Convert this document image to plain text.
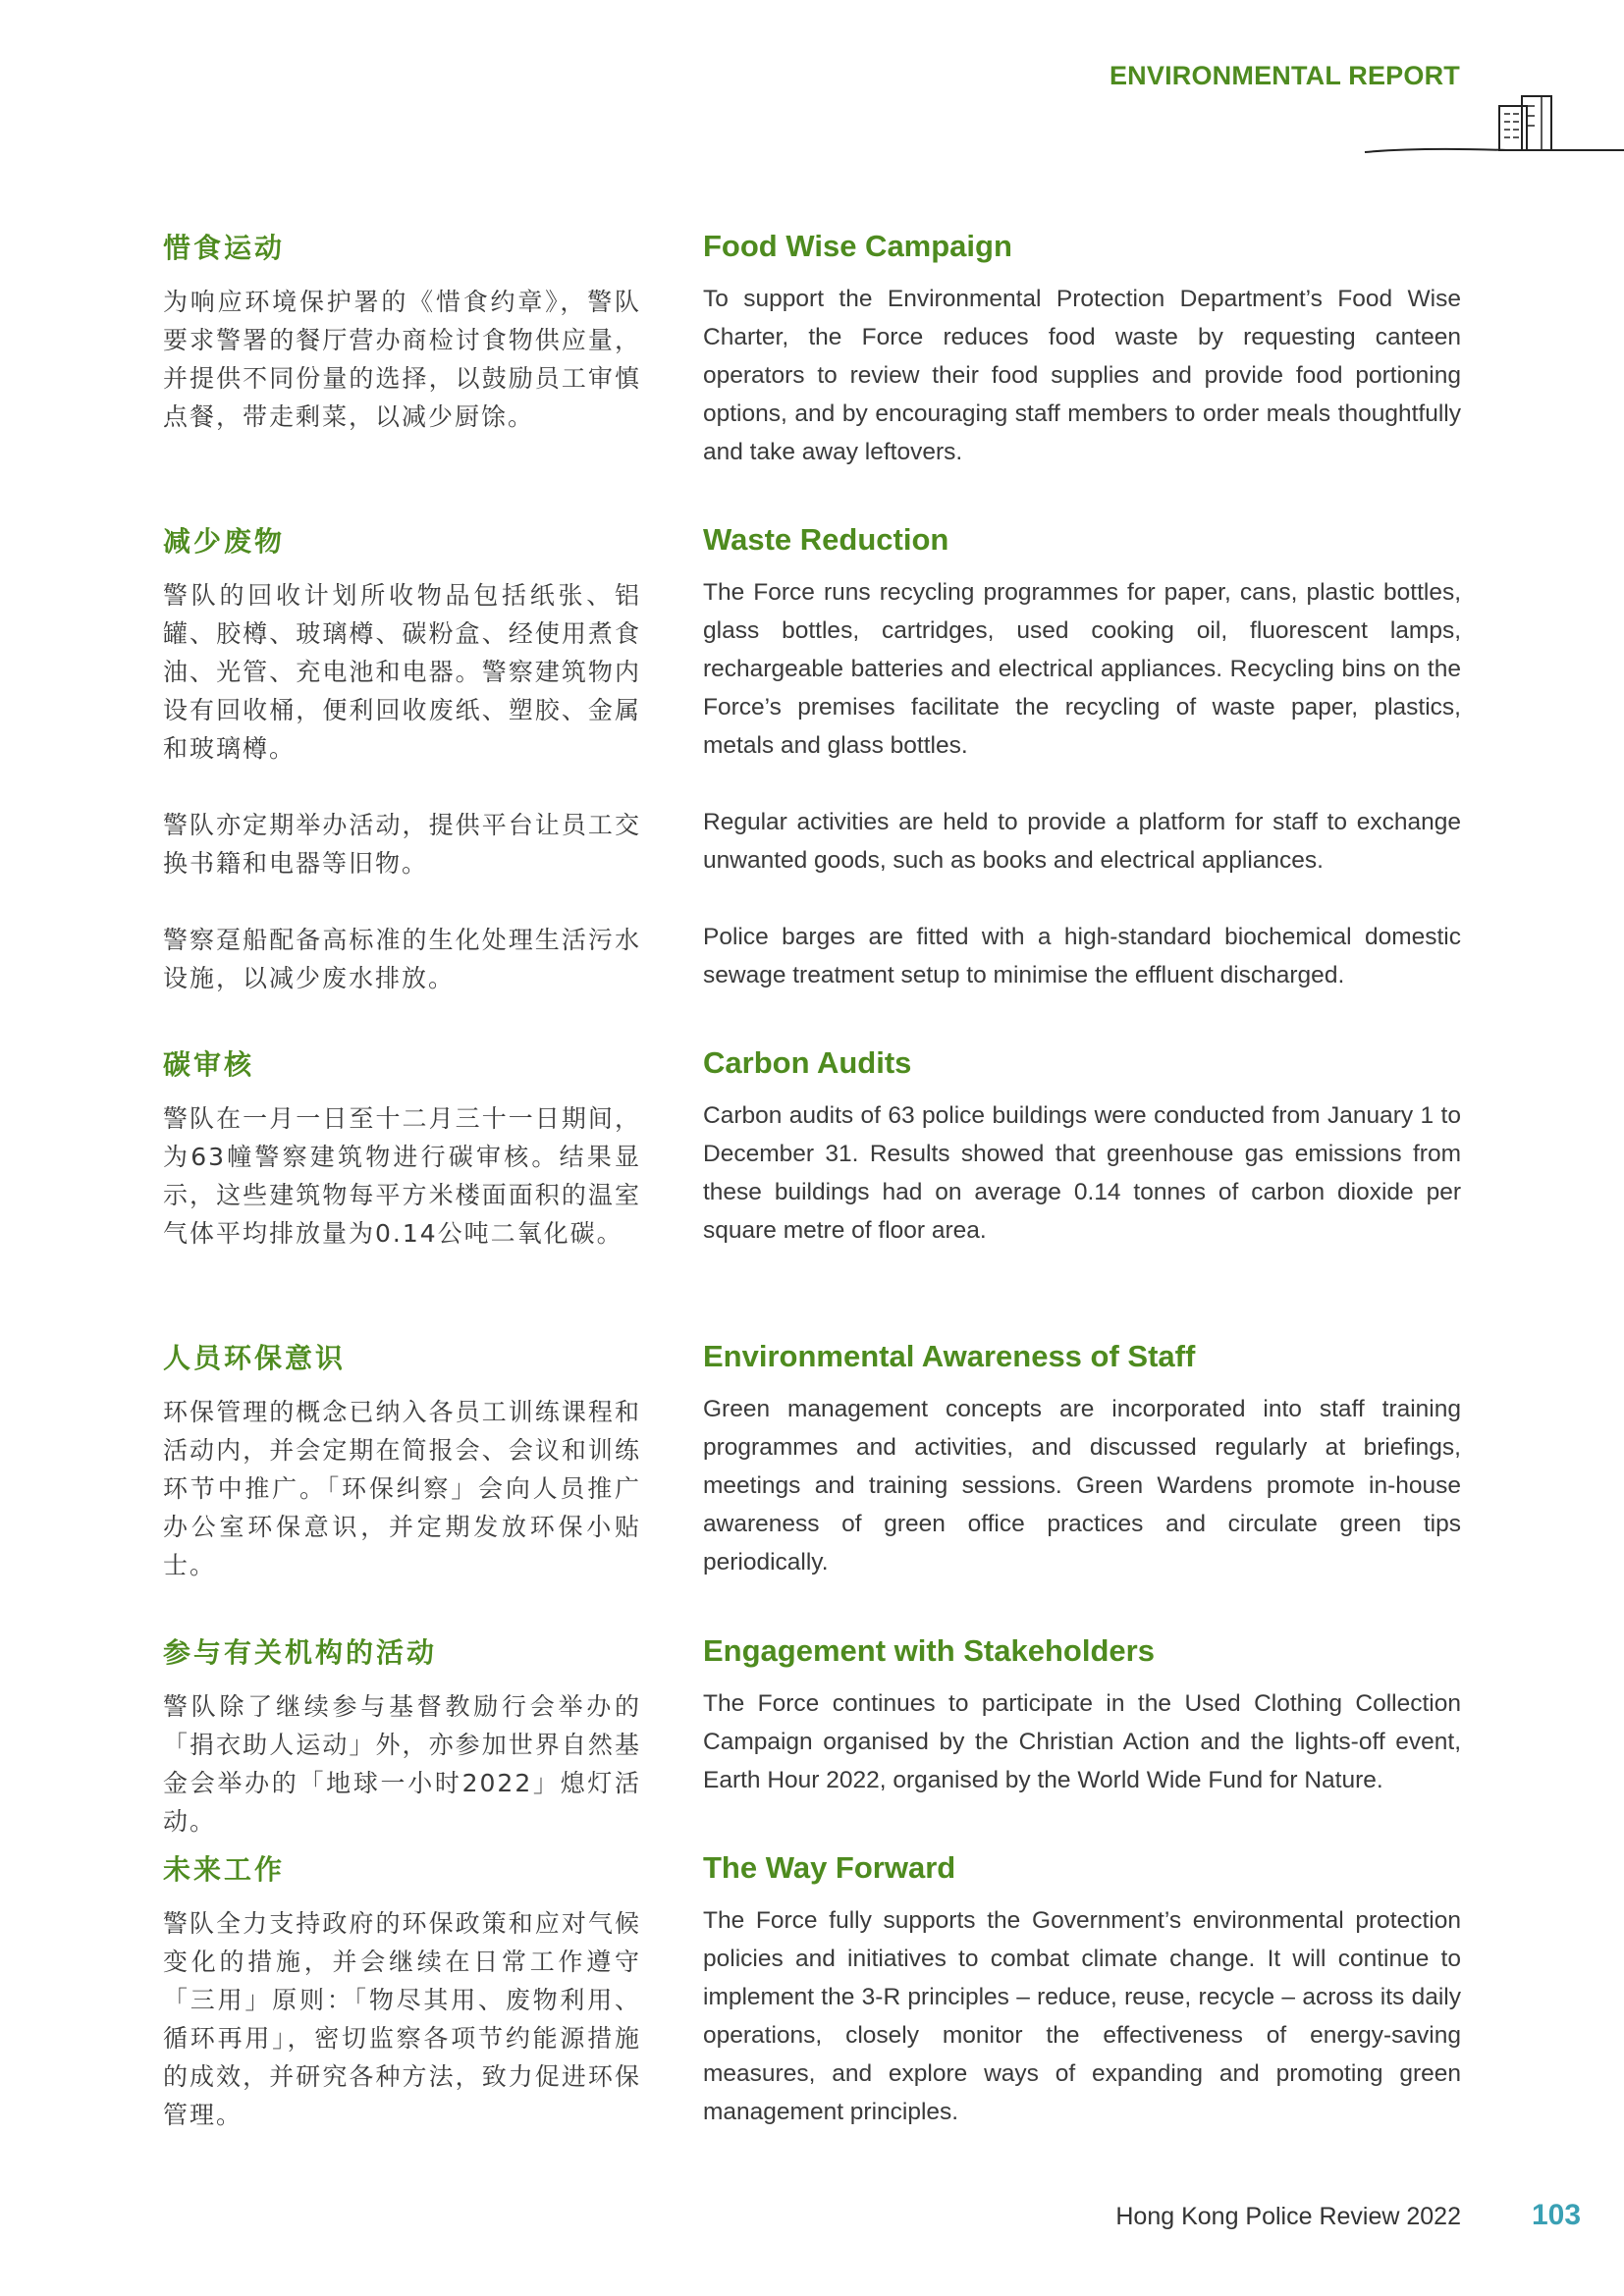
ENVIRONMENTAL REPORT
惜食运动

为响应环境保护署的《惜食约章》，警队要求警署的餐厅营办商检讨食物供应量，并提供不同份量的选择，以鼓励员工审慎点餐，带走剩菜，以减少厨馀。

Food Wise Campaign

To support the Environmental Protection Department’s Food Wise Charter, the Force reduces food waste by requesting canteen operators to review their food supplies and provide food portioning options, and by encouraging staff members to order meals thoughtfully and take away leftovers.

减少废物

警队的回收计划所收物品包括纸张、铝罐、胶樽、玻璃樽、碳粉盒、经使用煮食油、光管、充电池和电器。警察建筑物内设有回收桶，便利回收废纸、塑胶、金属和玻璃樽。

警队亦定期举办活动，提供平台让员工交换书籍和电器等旧物。

警察趸船配备高标准的生化处理生活污水设施，以减少废水排放。

Waste Reduction

The Force runs recycling programmes for paper, cans, plastic bottles, glass bottles, cartridges, used cooking oil, fluorescent lamps, rechargeable batteries and electrical appliances. Recycling bins on the Force’s premises facilitate the recycling of waste paper, plastics, metals and glass bottles.

Regular activities are held to provide a platform for staff to exchange unwanted goods, such as books and electrical appliances.

Police barges are fitted with a high-standard biochemical domestic sewage treatment setup to minimise the effluent discharged.

碳审核

警队在一月一日至十二月三十一日期间，为63幢警察建筑物进行碳审核。结果显示，这些建筑物每平方米楼面面积的温室气体平均排放量为0.14公吨二氧化碳。

Carbon Audits

Carbon audits of 63 police buildings were conducted from January 1 to December 31. Results showed that greenhouse gas emissions from these buildings had on average 0.14 tonnes of carbon dioxide per square metre of floor area.

人员环保意识

环保管理的概念已纳入各员工训练课程和活动内，并会定期在简报会、会议和训练环节中推广。「环保纠察」会向人员推广办公室环保意识，并定期发放环保小贴士。

Environmental Awareness of Staff

Green management concepts are incorporated into staff training programmes and activities, and discussed regularly at briefings, meetings and training sessions. Green Wardens promote in-house awareness of green office practices and circulate green tips periodically.

参与有关机构的活动

警队除了继续参与基督教励行会举办的「捐衣助人运动」外，亦参加世界自然基金会举办的「地球一小时2022」熄灯活动。

Engagement with Stakeholders

The Force continues to participate in the Used Clothing Collection Campaign organised by the Christian Action and the lights-off event, Earth Hour 2022, organised by the World Wide Fund for Nature.

未来工作

警队全力支持政府的环保政策和应对气候变化的措施，并会继续在日常工作遵守「三用」原则：「物尽其用、废物利用、循环再用」，密切监察各项节约能源措施的成效，并研究各种方法，致力促进环保管理。

The Way Forward

The Force fully supports the Government’s environmental protection policies and initiatives to combat climate change. It will continue to implement the 3-R principles – reduce, reuse, recycle – across its daily operations, closely monitor the effectiveness of energy-saving measures, and explore ways of expanding and promoting green management principles.

Hong Kong Police Review 2022	103
